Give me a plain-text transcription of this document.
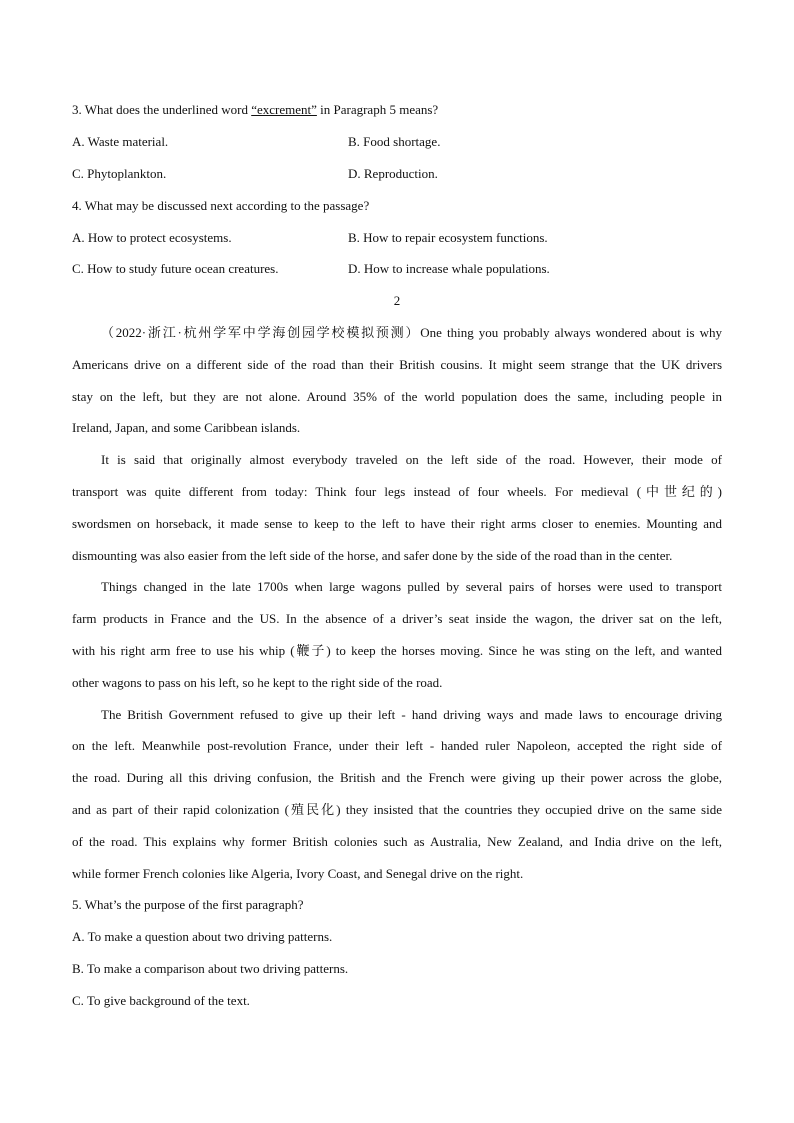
3. What does the underlined word “excrement” in Paragraph 5 means?
A. Waste material.	B. Food shortage.
C. Phytoplankton.	D. Reproduction.
4. What may be discussed next according to the passage?
A. How to protect ecosystems.	B. How to repair ecosystem functions.
C. How to study future ocean creatures.	D. How to increase whale populations.
2
（2022·浙江·杭州学军中学海创园学校模拟预测）One thing you probably always wondered about is why
Americans drive on a different side of the road than their British cousins. It might seem strange that the UK drivers
stay on the left, but they are not alone. Around 35% of the world population does the same, including people in
Ireland, Japan, and some Caribbean islands.
It is said that originally almost everybody traveled on the left side of the road. However, their mode of
transport was quite different from today: Think four legs instead of four wheels. For medieval (中世纪的)
swordsmen on horseback, it made sense to keep to the left to have their right arms closer to enemies. Mounting and
dismounting was also easier from the left side of the horse, and safer done by the side of the road than in the center.
Things changed in the late 1700s when large wagons pulled by several pairs of horses were used to transport
farm products in France and the US. In the absence of a driver’s seat inside the wagon, the driver sat on the left,
with his right arm free to use his whip (鞭子) to keep the horses moving. Since he was sting on the left, and wanted
other wagons to pass on his left, so he kept to the right side of the road.
The British Government refused to give up their left - hand driving ways and made laws to encourage driving
on the left. Meanwhile post-revolution France, under their left - handed ruler Napoleon, accepted the right side of
the road. During all this driving confusion, the British and the French were giving up their power across the globe,
and as part of their rapid colonization (殖民化) they insisted that the countries they occupied drive on the same side
of the road. This explains why former British colonies such as Australia, New Zealand, and India drive on the left,
while former French colonies like Algeria, Ivory Coast, and Senegal drive on the right.
5. What’s the purpose of the first paragraph?
A. To make a question about two driving patterns.
B. To make a comparison about two driving patterns.
C. To give background of the text.
